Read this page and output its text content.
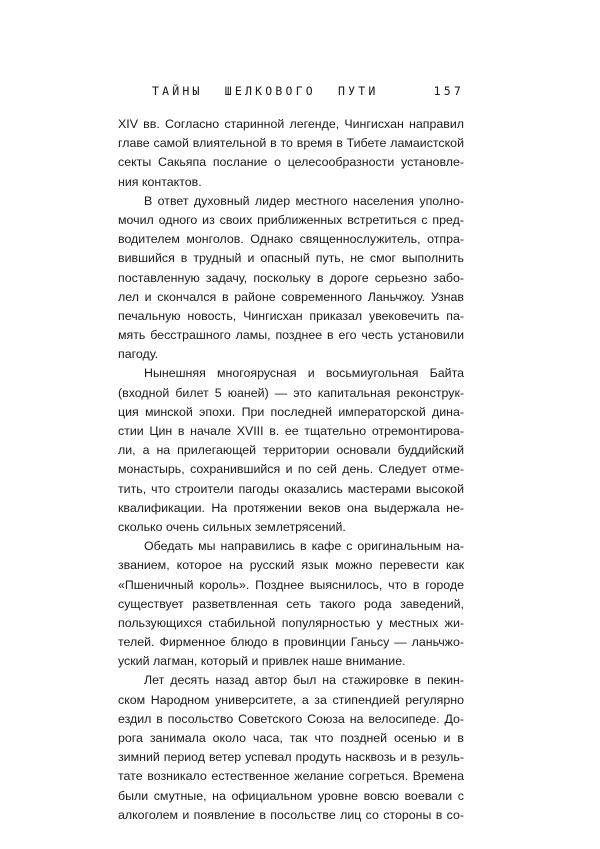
ТАЙНЫ ШЕЛКОВОГО ПУТИ	157
XIV вв. Согласно старинной легенде, Чингисхан направил
главе самой влиятельной в то время в Тибете ламаистской
секты Сакьяпа послание о целесообразности установле-
ния контактов.
В ответ духовный лидер местного населения уполно-
мочил одного из своих приближенных встретиться с пред-
водителем монголов. Однако священнослужитель, отпра-
вившийся в трудный и опасный путь, не смог выполнить
поставленную задачу, поскольку в дороге серьезно забо-
лел и скончался в районе современного Ланьчжоу. Узнав
печальную новость, Чингисхан приказал увековечить па-
мять бесстрашного ламы, позднее в его честь установили
пагоду.
Нынешняя многоярусная и восьмиугольная Байта
(входной билет 5 юаней) — это капитальная реконструк-
ция минской эпохи. При последней императорской дина-
стии Цин в начале XVIII в. ее тщательно отремонтирова-
ли, а на прилегающей территории основали буддийский
монастырь, сохранившийся и по сей день. Следует отме-
тить, что строители пагоды оказались мастерами высокой
квалификации. На протяжении веков она выдержала не-
сколько очень сильных землетрясений.
Обедать мы направились в кафе с оригинальным на-
званием, которое на русский язык можно перевести как
«Пшеничный король». Позднее выяснилось, что в городе
существует разветвленная сеть такого рода заведений,
пользующихся стабильной популярностью у местных жи-
телей. Фирменное блюдо в провинции Ганьсу — ланьчжо-
уский лагман, который и привлек наше внимание.
Лет десять назад автор был на стажировке в пекин-
ском Народном университете, а за стипендией регулярно
ездил в посольство Советского Союза на велосипеде. До-
рога занимала около часа, так что поздней осенью и в
зимний период ветер успевал продуть насквозь и в резуль-
тате возникало естественное желание согреться. Времена
были смутные, на официальном уровне вовсю воевали с
алкоголем и появление в посольстве лиц со стороны в со-
